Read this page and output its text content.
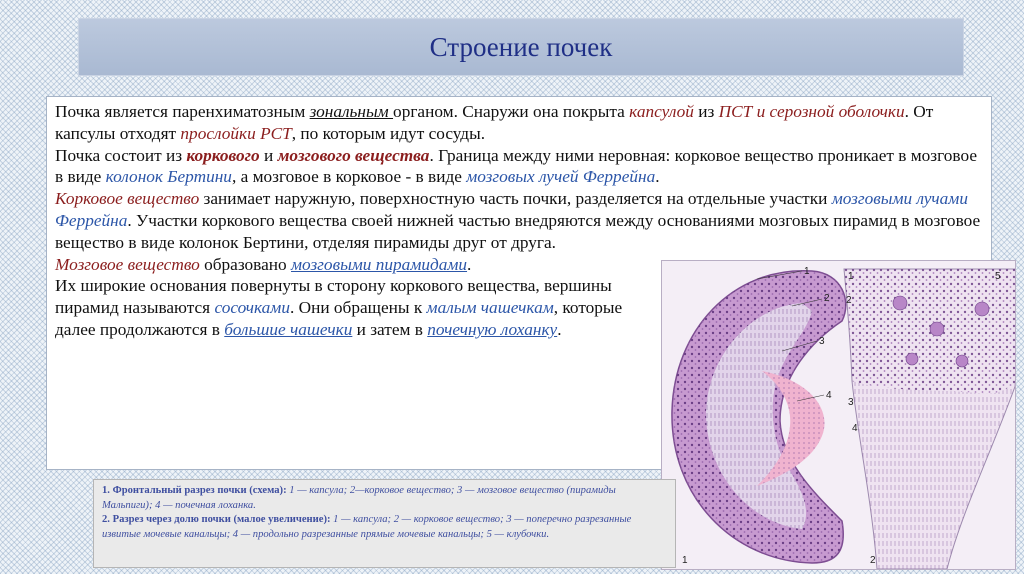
Строение почек

Почка является паренхиматозным зональным органом. Снаружи она покрыта капсулой из ПСТ и серозной оболочки. От капсулы отходят прослойки РСТ, по которым идут сосуды.

Почка состоит из коркового и мозгового вещества. Граница между ними неровная: корковое вещество проникает в мозговое в виде колонок Бертини, а мозговое в корковое - в виде мозговых лучей Феррейна.

Корковое вещество занимает наружную, поверхностную часть почки, разделяется на отдельные участки мозговыми лучами Феррейна. Участки коркового вещества своей нижней частью внедряются между основаниями мозговых пирамид в мозговое вещество в виде колонок Бертини, отделяя пирамиды друг от друга.

Мозговое вещество образовано мозговыми пирамидами.

Их широкие основания повернуты в сторону коркового вещества, вершины пирамид называются сосочками. Они обращены к малым чашечкам, которые далее продолжаются в большие чашечки и затем в почечную лоханку.

1
2
3
4
1
1
2
3
4
5
2

1. Фронтальный разрез почки (схема): 1 — капсула; 2—корковое вещество; 3 — мозговое вещество (пирамиды Мальпиги); 4 — почечная лоханка.

2. Разрез через долю почки (малое увеличение): 1 — капсула; 2 — корковое вещество; 3 — поперечно разрезанные извитые мочевые канальцы; 4 — продольно разрезанные прямые мочевые канальцы; 5 — клубочки.
